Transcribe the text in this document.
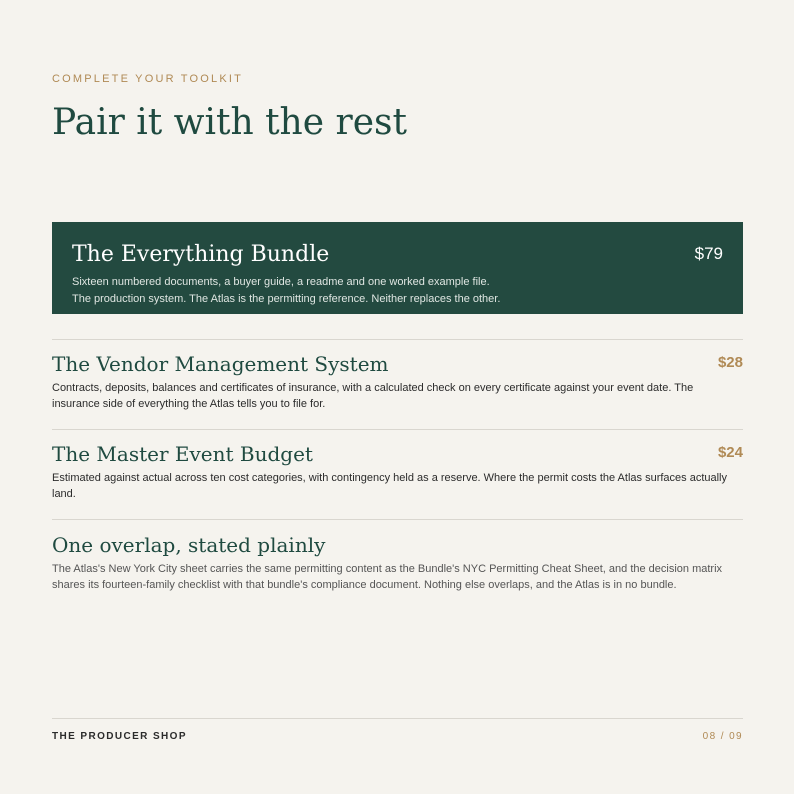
COMPLETE YOUR TOOLKIT
Pair it with the rest
The Everything Bundle	$79
Sixteen numbered documents, a buyer guide, a readme and one worked example file.
The production system. The Atlas is the permitting reference. Neither replaces the other.
The Vendor Management System	$28
Contracts, deposits, balances and certificates of insurance, with a calculated check on every certificate against your event date. The insurance side of everything the Atlas tells you to file for.
The Master Event Budget	$24
Estimated against actual across ten cost categories, with contingency held as a reserve. Where the permit costs the Atlas surfaces actually land.
One overlap, stated plainly
The Atlas's New York City sheet carries the same permitting content as the Bundle's NYC Permitting Cheat Sheet, and the decision matrix shares its fourteen-family checklist with that bundle's compliance document. Nothing else overlaps, and the Atlas is in no bundle.
THE PRODUCER SHOP	08 / 09
